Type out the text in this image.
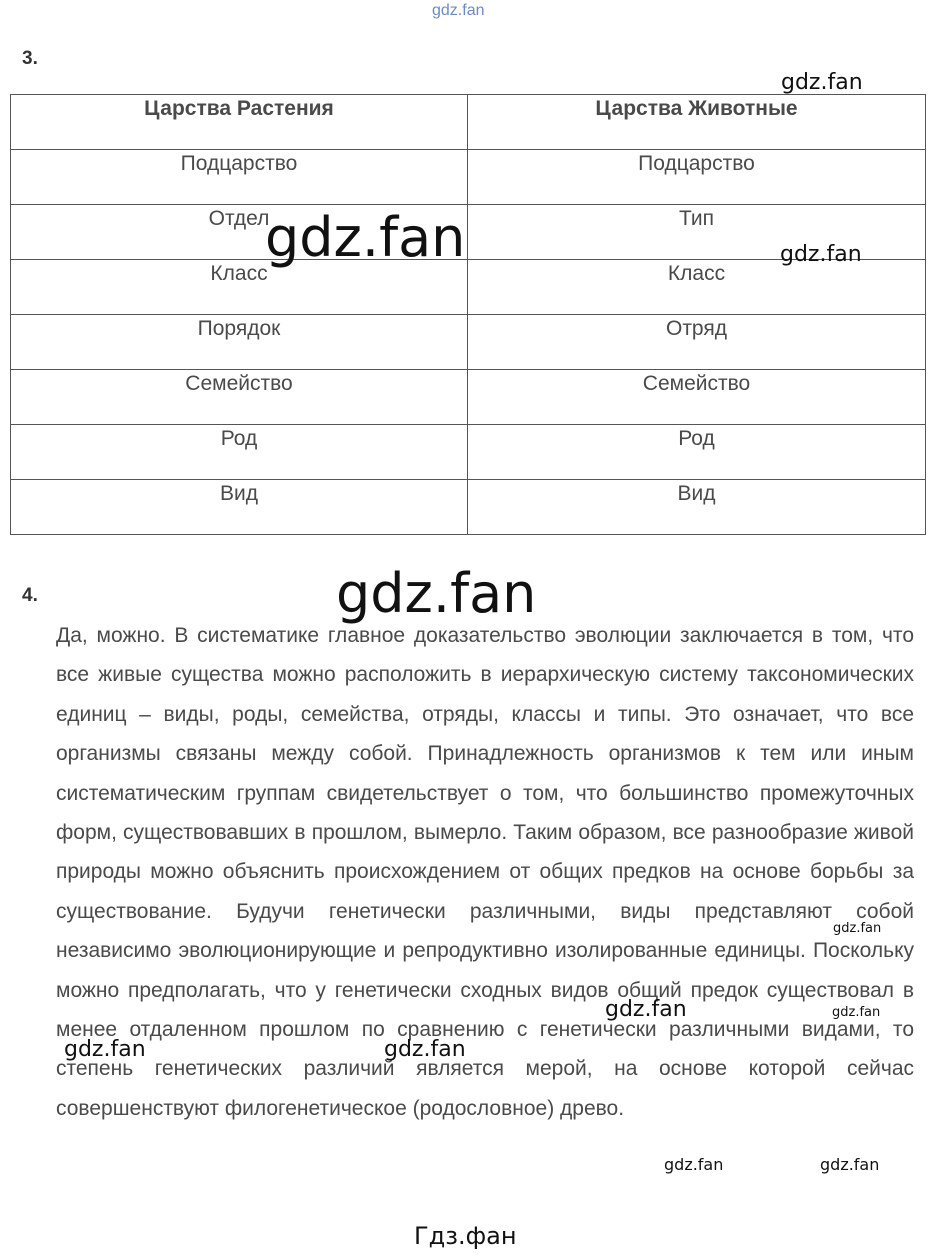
gdz.fan
3.
Царства Растения	Царства Животные
Подцарство	Подцарство
Отдел	Тип
Класс	Класс
Порядок	Отряд
Семейство	Семейство
Род	Род
Вид	Вид
4.
Да, можно. В систематике главное доказательство эволюции заключается в том, что все живые существа можно расположить в иерархическую систему таксономических единиц – виды, роды, семейства, отряды, классы и типы. Это означает, что все организмы связаны между собой. Принадлежность организмов к тем или иным систематическим группам свидетельствует о том, что большинство промежуточных форм, существовавших в прошлом, вымерло. Таким образом, все разнообразие живой природы можно объяснить происхождением от общих предков на основе борьбы за существование. Будучи генетически различными, виды представляют собой независимо эволюционирующие и репродуктивно изолированные единицы. Поскольку можно предполагать, что у генетически сходных видов общий предок существовал в менее отдаленном прошлом по сравнению с генетически различными видами, то степень генетических различий является мерой, на основе которой сейчас совершенствуют филогенетическое (родословное) древо.
gdz.fan
gdz.fan	gdz.fan
gdz.fan
gdz.fan
gdz.fan	gdz.fan
gdz.fan	gdz.fan
gdz.fan	gdz.fan
Гдз.фан
